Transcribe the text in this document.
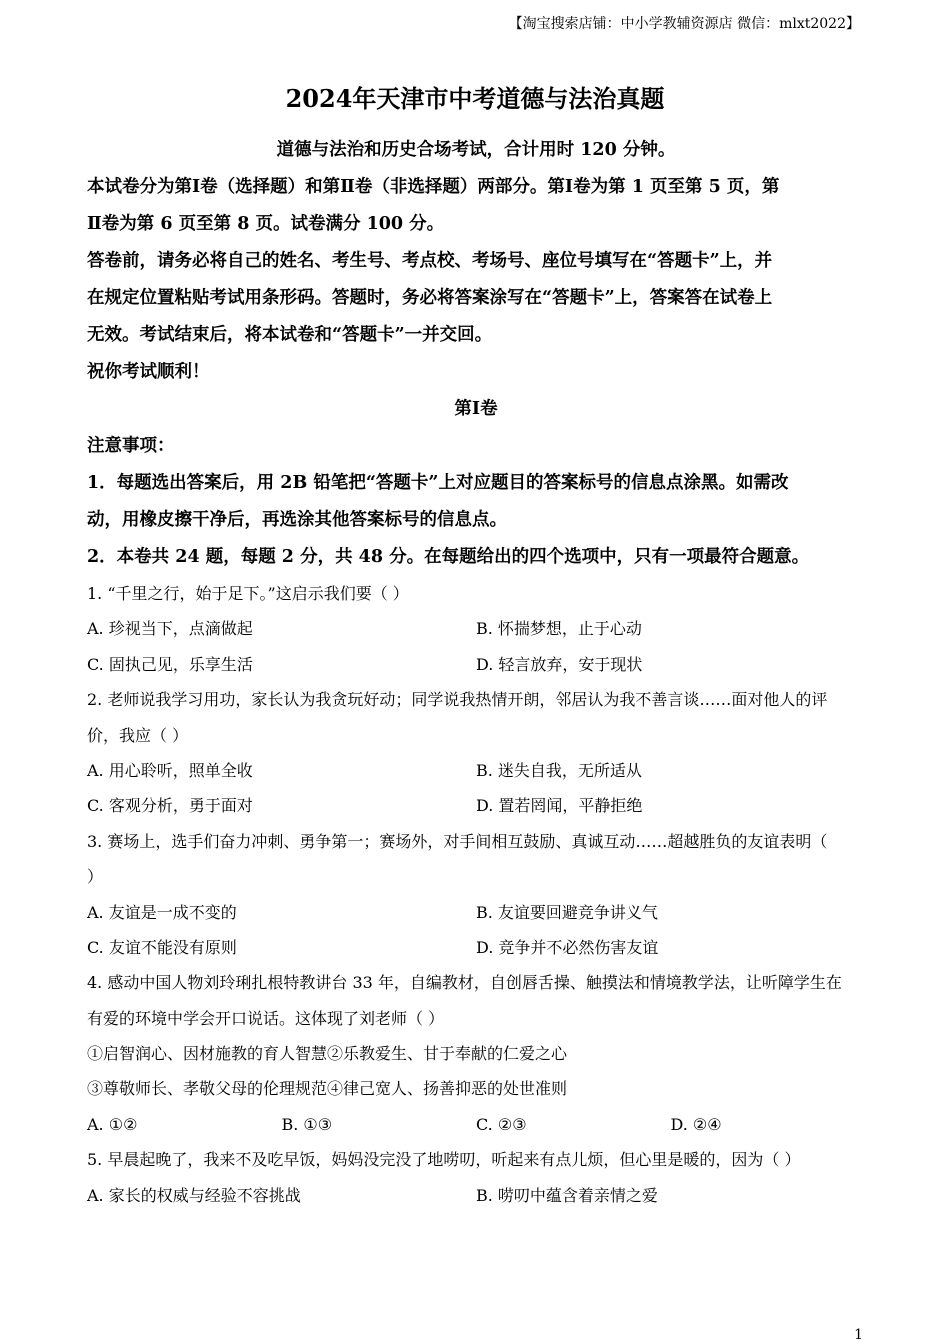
【淘宝搜索店铺：中小学教辅资源店 微信：mlxt2022】
2024年天津市中考道德与法治真题
道德与法治和历史合场考试，合计用时 120 分钟。
本试卷分为第Ⅰ卷（选择题）和第Ⅱ卷（非选择题）两部分。第Ⅰ卷为第 1 页至第 5 页，第
Ⅱ卷为第 6 页至第 8 页。试卷满分 100 分。
答卷前，请务必将自己的姓名、考生号、考点校、考场号、座位号填写在“答题卡”上，并
在规定位置粘贴考试用条形码。答题时，务必将答案涂写在“答题卡”上，答案答在试卷上
无效。考试结束后，将本试卷和“答题卡”一并交回。
祝你考试顺利！
第Ⅰ卷
注意事项：
1．每题选出答案后，用 2B 铅笔把“答题卡”上对应题目的答案标号的信息点涂黑。如需改
动，用橡皮擦干净后，再选涂其他答案标号的信息点。
2．本卷共 24 题，每题 2 分，共 48 分。在每题给出的四个选项中，只有一项最符合题意。
1. “千里之行，始于足下。”这启示我们要（ ）
A. 珍视当下，点滴做起	B. 怀揣梦想，止于心动
C. 固执己见，乐享生活	D. 轻言放弃，安于现状
2. 老师说我学习用功，家长认为我贪玩好动；同学说我热情开朗，邻居认为我不善言谈……面对他人的评
价，我应（ ）
A. 用心聆听，照单全收	B. 迷失自我，无所适从
C. 客观分析，勇于面对	D. 置若罔闻，平静拒绝
3. 赛场上，选手们奋力冲刺、勇争第一；赛场外，对手间相互鼓励、真诚互动……超越胜负的友谊表明（
）
A. 友谊是一成不变的	B. 友谊要回避竞争讲义气
C. 友谊不能没有原则	D. 竞争并不必然伤害友谊
4. 感动中国人物刘玲琍扎根特教讲台 33 年，自编教材，自创唇舌操、触摸法和情境教学法，让听障学生在
有爱的环境中学会开口说话。这体现了刘老师（ ）
①启智润心、因材施教的育人智慧②乐教爱生、甘于奉献的仁爱之心
③尊敬师长、孝敬父母的伦理规范④律己宽人、扬善抑恶的处世准则
A. ①②	B. ①③	C. ②③	D. ②④
5. 早晨起晚了，我来不及吃早饭，妈妈没完没了地唠叨，听起来有点儿烦，但心里是暖的，因为（ ）
A. 家长的权威与经验不容挑战	B. 唠叨中蕴含着亲情之爱
1
